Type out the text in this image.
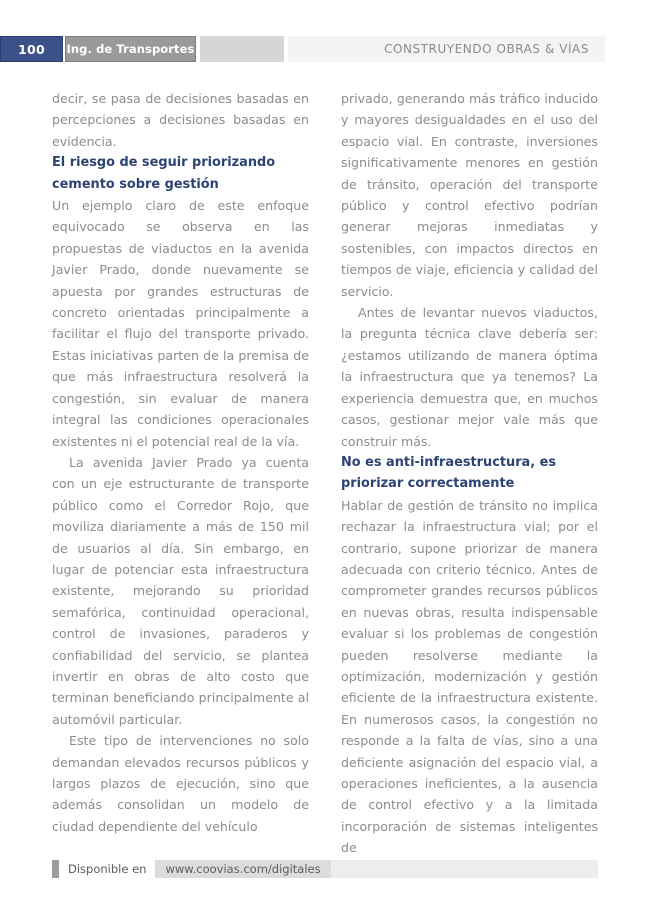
100 Ing. de Transportes	CONSTRUYENDO OBRAS & VÍAS

decir, se pasa de decisiones basadas en percepciones a decisiones basadas en evidencia.

El riesgo de seguir priorizando cemento sobre gestión

Un ejemplo claro de este enfoque equivocado se observa en las propuestas de viaductos en la avenida Javier Prado, donde nuevamente se apuesta por grandes estructuras de concreto orientadas principalmente a facilitar el flujo del transporte privado. Estas iniciativas parten de la premisa de que más infraestructura resolverá la congestión, sin evaluar de manera integral las condiciones operacionales existentes ni el potencial real de la vía.

La avenida Javier Prado ya cuenta con un eje estructurante de transporte público como el Corredor Rojo, que moviliza diariamente a más de 150 mil de usuarios al día. Sin embargo, en lugar de potenciar esta infraestructura existente, mejorando su prioridad semafórica, continuidad operacional, control de invasiones, paraderos y confiabilidad del servicio, se plantea invertir en obras de alto costo que terminan beneficiando principalmente al automóvil particular.

Este tipo de intervenciones no solo demandan elevados recursos públicos y largos plazos de ejecución, sino que además consolidan un modelo de ciudad dependiente del vehículo

privado, generando más tráfico inducido y mayores desigualdades en el uso del espacio vial. En contraste, inversiones significativamente menores en gestión de tránsito, operación del transporte público y control efectivo podrían generar mejoras inmediatas y sostenibles, con impactos directos en tiempos de viaje, eficiencia y calidad del servicio.

Antes de levantar nuevos viaductos, la pregunta técnica clave debería ser: ¿estamos utilizando de manera óptima la infraestructura que ya tenemos? La experiencia demuestra que, en muchos casos, gestionar mejor vale más que construir más.

No es anti-infraestructura, es priorizar correctamente

Hablar de gestión de tránsito no implica rechazar la infraestructura vial; por el contrario, supone priorizar de manera adecuada con criterio técnico. Antes de comprometer grandes recursos públicos en nuevas obras, resulta indispensable evaluar si los problemas de congestión pueden resolverse mediante la optimización, modernización y gestión eficiente de la infraestructura existente. En numerosos casos, la congestión no responde a la falta de vías, sino a una deficiente asignación del espacio vial, a operaciones ineficientes, a la ausencia de control efectivo y a la limitada incorporación de sistemas inteligentes de

Disponible en	www.coovias.com/digitales
